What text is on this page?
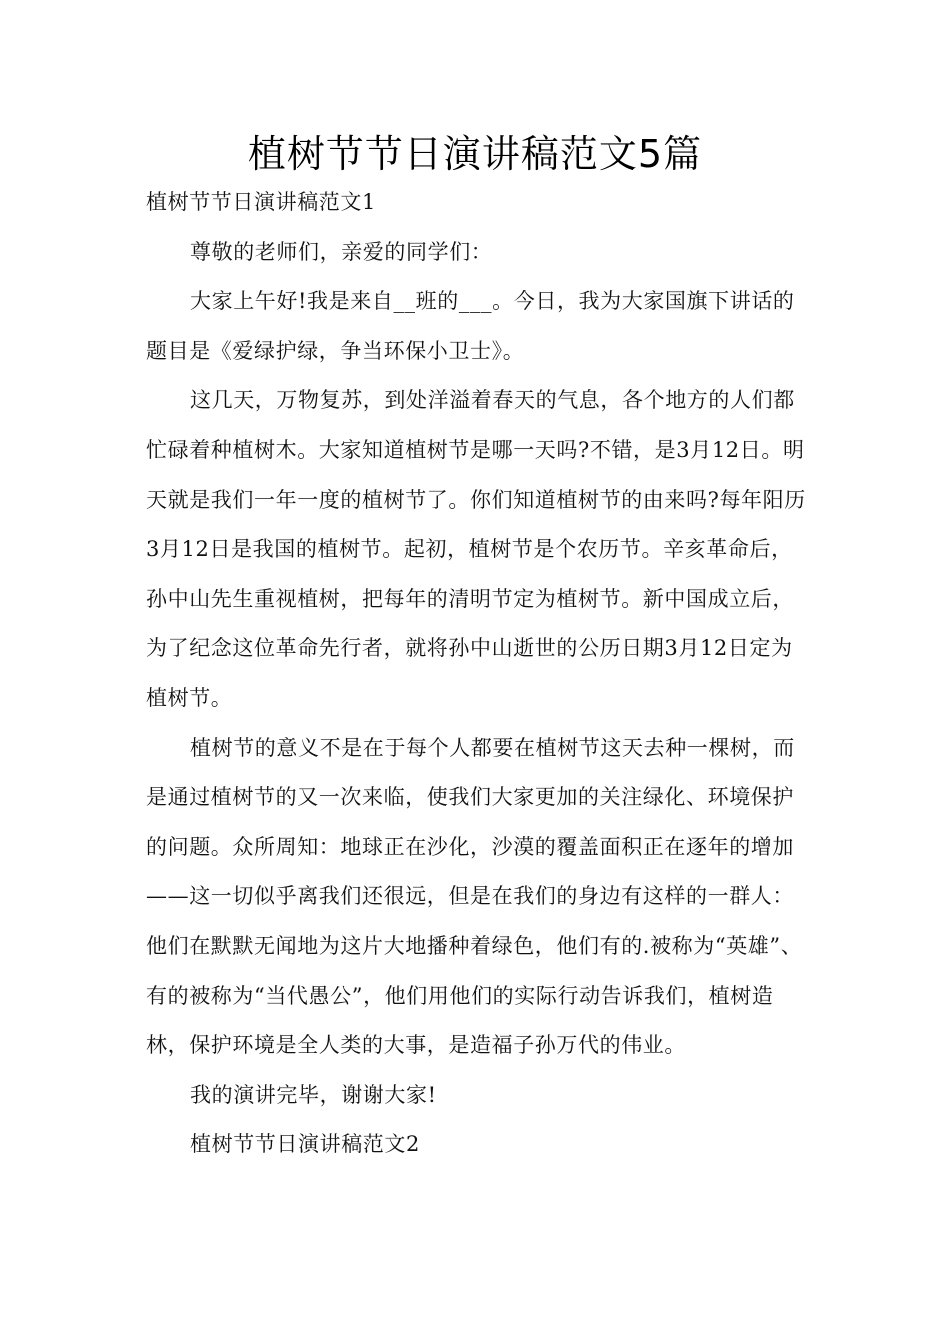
植树节节日演讲稿范文5篇

植树节节日演讲稿范文1

尊敬的老师们，亲爱的同学们：

大家上午好!我是来自__班的___。今日，我为大家国旗下讲话的题目是《爱绿护绿，争当环保小卫士》。

这几天，万物复苏，到处洋溢着春天的气息，各个地方的人们都忙碌着种植树木。大家知道植树节是哪一天吗?不错，是3月12日。明天就是我们一年一度的植树节了。你们知道植树节的由来吗?每年阳历3月12日是我国的植树节。起初，植树节是个农历节。辛亥革命后，孙中山先生重视植树，把每年的清明节定为植树节。新中国成立后，为了纪念这位革命先行者，就将孙中山逝世的公历日期3月12日定为植树节。

植树节的意义不是在于每个人都要在植树节这天去种一棵树，而是通过植树节的又一次来临，使我们大家更加的关注绿化、环境保护的问题。众所周知：地球正在沙化，沙漠的覆盖面积正在逐年的增加——这一切似乎离我们还很远，但是在我们的身边有这样的一群人：他们在默默无闻地为这片大地播种着绿色，他们有的.被称为“英雄”、有的被称为“当代愚公”，他们用他们的实际行动告诉我们，植树造林，保护环境是全人类的大事，是造福子孙万代的伟业。

我的演讲完毕，谢谢大家!

植树节节日演讲稿范文2
